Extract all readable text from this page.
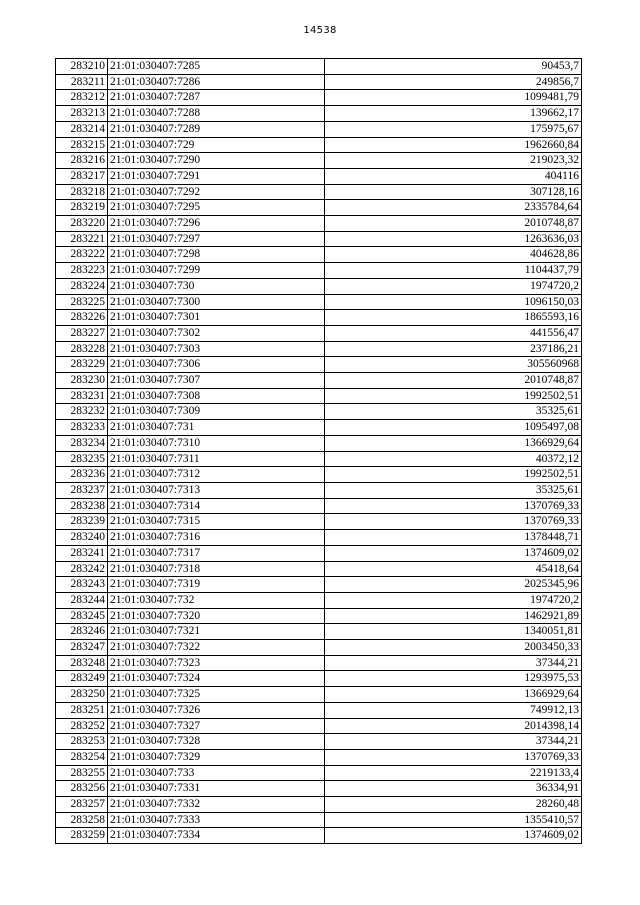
14538
283210	21:01:030407:7285	90453,7
283211	21:01:030407:7286	249856,7
283212	21:01:030407:7287	1099481,79
283213	21:01:030407:7288	139662,17
283214	21:01:030407:7289	175975,67
283215	21:01:030407:729	1962660,84
283216	21:01:030407:7290	219023,32
283217	21:01:030407:7291	404116
283218	21:01:030407:7292	307128,16
283219	21:01:030407:7295	2335784,64
283220	21:01:030407:7296	2010748,87
283221	21:01:030407:7297	1263636,03
283222	21:01:030407:7298	404628,86
283223	21:01:030407:7299	1104437,79
283224	21:01:030407:730	1974720,2
283225	21:01:030407:7300	1096150,03
283226	21:01:030407:7301	1865593,16
283227	21:01:030407:7302	441556,47
283228	21:01:030407:7303	237186,21
283229	21:01:030407:7306	305560968
283230	21:01:030407:7307	2010748,87
283231	21:01:030407:7308	1992502,51
283232	21:01:030407:7309	35325,61
283233	21:01:030407:731	1095497,08
283234	21:01:030407:7310	1366929,64
283235	21:01:030407:7311	40372,12
283236	21:01:030407:7312	1992502,51
283237	21:01:030407:7313	35325,61
283238	21:01:030407:7314	1370769,33
283239	21:01:030407:7315	1370769,33
283240	21:01:030407:7316	1378448,71
283241	21:01:030407:7317	1374609,02
283242	21:01:030407:7318	45418,64
283243	21:01:030407:7319	2025345,96
283244	21:01:030407:732	1974720,2
283245	21:01:030407:7320	1462921,89
283246	21:01:030407:7321	1340051,81
283247	21:01:030407:7322	2003450,33
283248	21:01:030407:7323	37344,21
283249	21:01:030407:7324	1293975,53
283250	21:01:030407:7325	1366929,64
283251	21:01:030407:7326	749912,13
283252	21:01:030407:7327	2014398,14
283253	21:01:030407:7328	37344,21
283254	21:01:030407:7329	1370769,33
283255	21:01:030407:733	2219133,4
283256	21:01:030407:7331	36334,91
283257	21:01:030407:7332	28260,48
283258	21:01:030407:7333	1355410,57
283259	21:01:030407:7334	1374609,02
